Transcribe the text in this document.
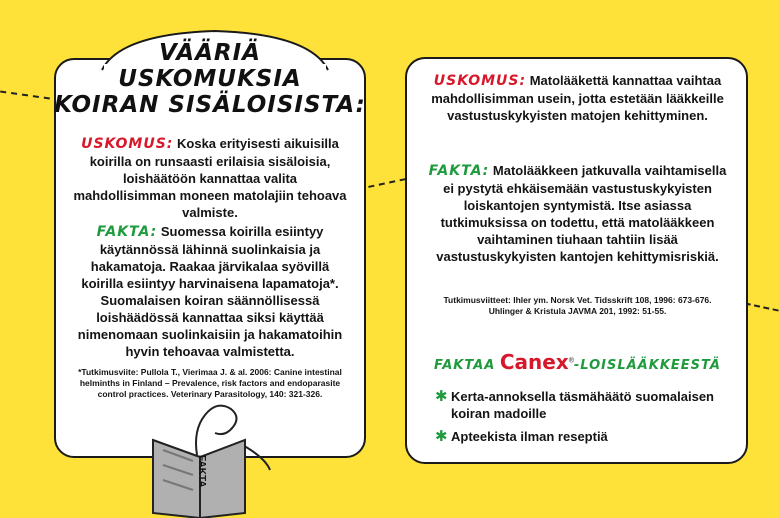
VÄÄRIÄ
USKOMUKSIA
KOIRAN SISÄLOISISTA:
USKOMUS: Koska erityisesti aikuisilla koirilla on runsaasti erilaisia sisäloisia, loishäätöön kannattaa valita mahdollisimman moneen matolajiin tehoava valmiste.
FAKTA: Suomessa koirilla esiintyy käytännössä lähinnä suolinkaisia ja hakamatoja. Raakaa järvikalaa syövillä koirilla esiintyy harvinaisena lapamatoja*. Suomalaisen koiran säännöllisessä loishäädössä kannattaa siksi käyttää nimenomaan suolinkaisiin ja hakamatoihin hyvin tehoavaa valmistetta.
*Tutkimusviite: Pullola T., Vierimaa J. & al. 2006: Canine intestinal helminths in Finland – Prevalence, risk factors and endoparasite control practices. Veterinary Parasitology, 140: 321-326.
FAKTA
USKOMUS: Matolääkettä kannattaa vaihtaa mahdollisimman usein, jotta estetään lääkkeille vastustuskykyisten matojen kehittyminen.
FAKTA: Matolääkkeen jatkuvalla vaihtamisella ei pystytä ehkäisemään vastustuskykyisten loiskantojen syntymistä. Itse asiassa tutkimuksissa on todettu, että matolääkkeen vaihtaminen tiuhaan tahtiin lisää vastustuskykyisten kantojen kehittymisriskiä.
Tutkimusviitteet: Ihler ym. Norsk Vet. Tidsskrift 108, 1996: 673-676.
Uhlinger & Kristula JAVMA 201, 1992: 51-55.
FAKTAA Canex®-LOISLÄÄKKEESTÄ
✱ Kerta-annoksella täsmähäätö suomalaisen koiran madoille
✱ Apteekista ilman reseptiä
